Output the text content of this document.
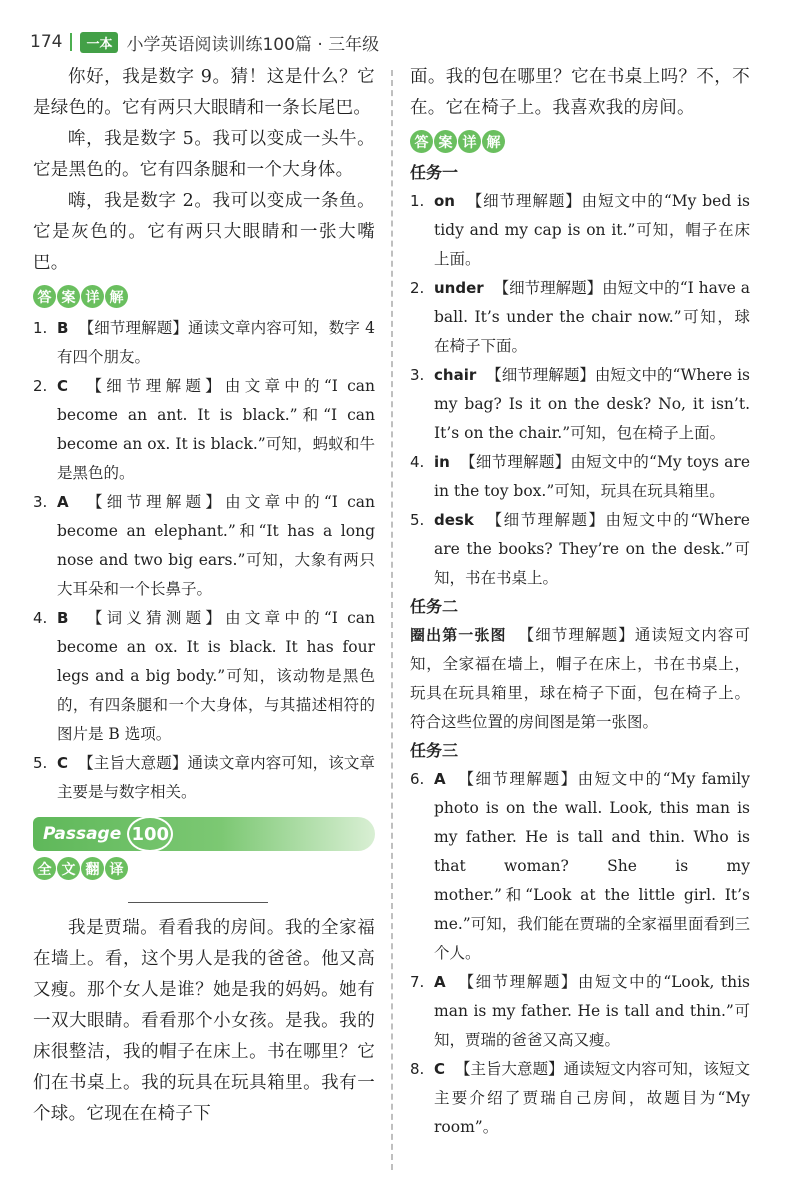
174	一本 小学英语阅读训练100篇 · 三年级

你好，我是数字 9。猜！这是什么？它是绿色的。它有两只大眼睛和一条长尾巴。

哞，我是数字 5。我可以变成一头牛。它是黑色的。它有四条腿和一个大身体。

嗨，我是数字 2。我可以变成一条鱼。它是灰色的。它有两只大眼睛和一张大嘴巴。

答 案 详 解
1. B 【细节理解题】通读文章内容可知，数字 4 有四个朋友。
2. C 【细节理解题】由文章中的“I can become an ant. It is black.”和“I can become an ox. It is black.”可知，蚂蚁和牛是黑色的。
3. A 【细节理解题】由文章中的“I can become an elephant.”和“It has a long nose and two big ears.”可知，大象有两只大耳朵和一个长鼻子。
4. B 【词义猜测题】由文章中的“I can become an ox. It is black. It has four legs and a big body.”可知，该动物是黑色的，有四条腿和一个大身体，与其描述相符的图片是 B 选项。
5. C 【主旨大意题】通读文章内容可知，该文章主要是与数字相关。
Passage 100
全 文 翻 译

我是贾瑞。看看我的房间。我的全家福在墙上。看，这个男人是我的爸爸。他又高又瘦。那个女人是谁？她是我的妈妈。她有一双大眼睛。看看那个小女孩。是我。我的床很整洁，我的帽子在床上。书在哪里？它们在书桌上。我的玩具在玩具箱里。我有一个球。它现在在椅子下

面。我的包在哪里？它在书桌上吗？不，不在。它在椅子上。我喜欢我的房间。

答 案 详 解
任务一
1. on 【细节理解题】由短文中的“My bed is tidy and my cap is on it.”可知，帽子在床上面。
2. under 【细节理解题】由短文中的“I have a ball. It’s under the chair now.”可知，球在椅子下面。
3. chair 【细节理解题】由短文中的“Where is my bag? Is it on the desk? No, it isn’t. It’s on the chair.”可知，包在椅子上面。
4. in 【细节理解题】由短文中的“My toys are in the toy box.”可知，玩具在玩具箱里。
5. desk 【细节理解题】由短文中的“Where are the books? They’re on the desk.”可知，书在书桌上。
任务二

圈出第一张图 【细节理解题】通读短文内容可知，全家福在墙上，帽子在床上，书在书桌上，玩具在玩具箱里，球在椅子下面，包在椅子上。符合这些位置的房间图是第一张图。

任务三
6. A 【细节理解题】由短文中的“My family photo is on the wall. Look, this man is my father. He is tall and thin. Who is that woman? She is my mother.”和“Look at the little girl. It’s me.”可知，我们能在贾瑞的全家福里面看到三个人。
7. A 【细节理解题】由短文中的“Look, this man is my father. He is tall and thin.”可知，贾瑞的爸爸又高又瘦。
8. C 【主旨大意题】通读短文内容可知，该短文主要介绍了贾瑞自己房间，故题目为“My room”。
